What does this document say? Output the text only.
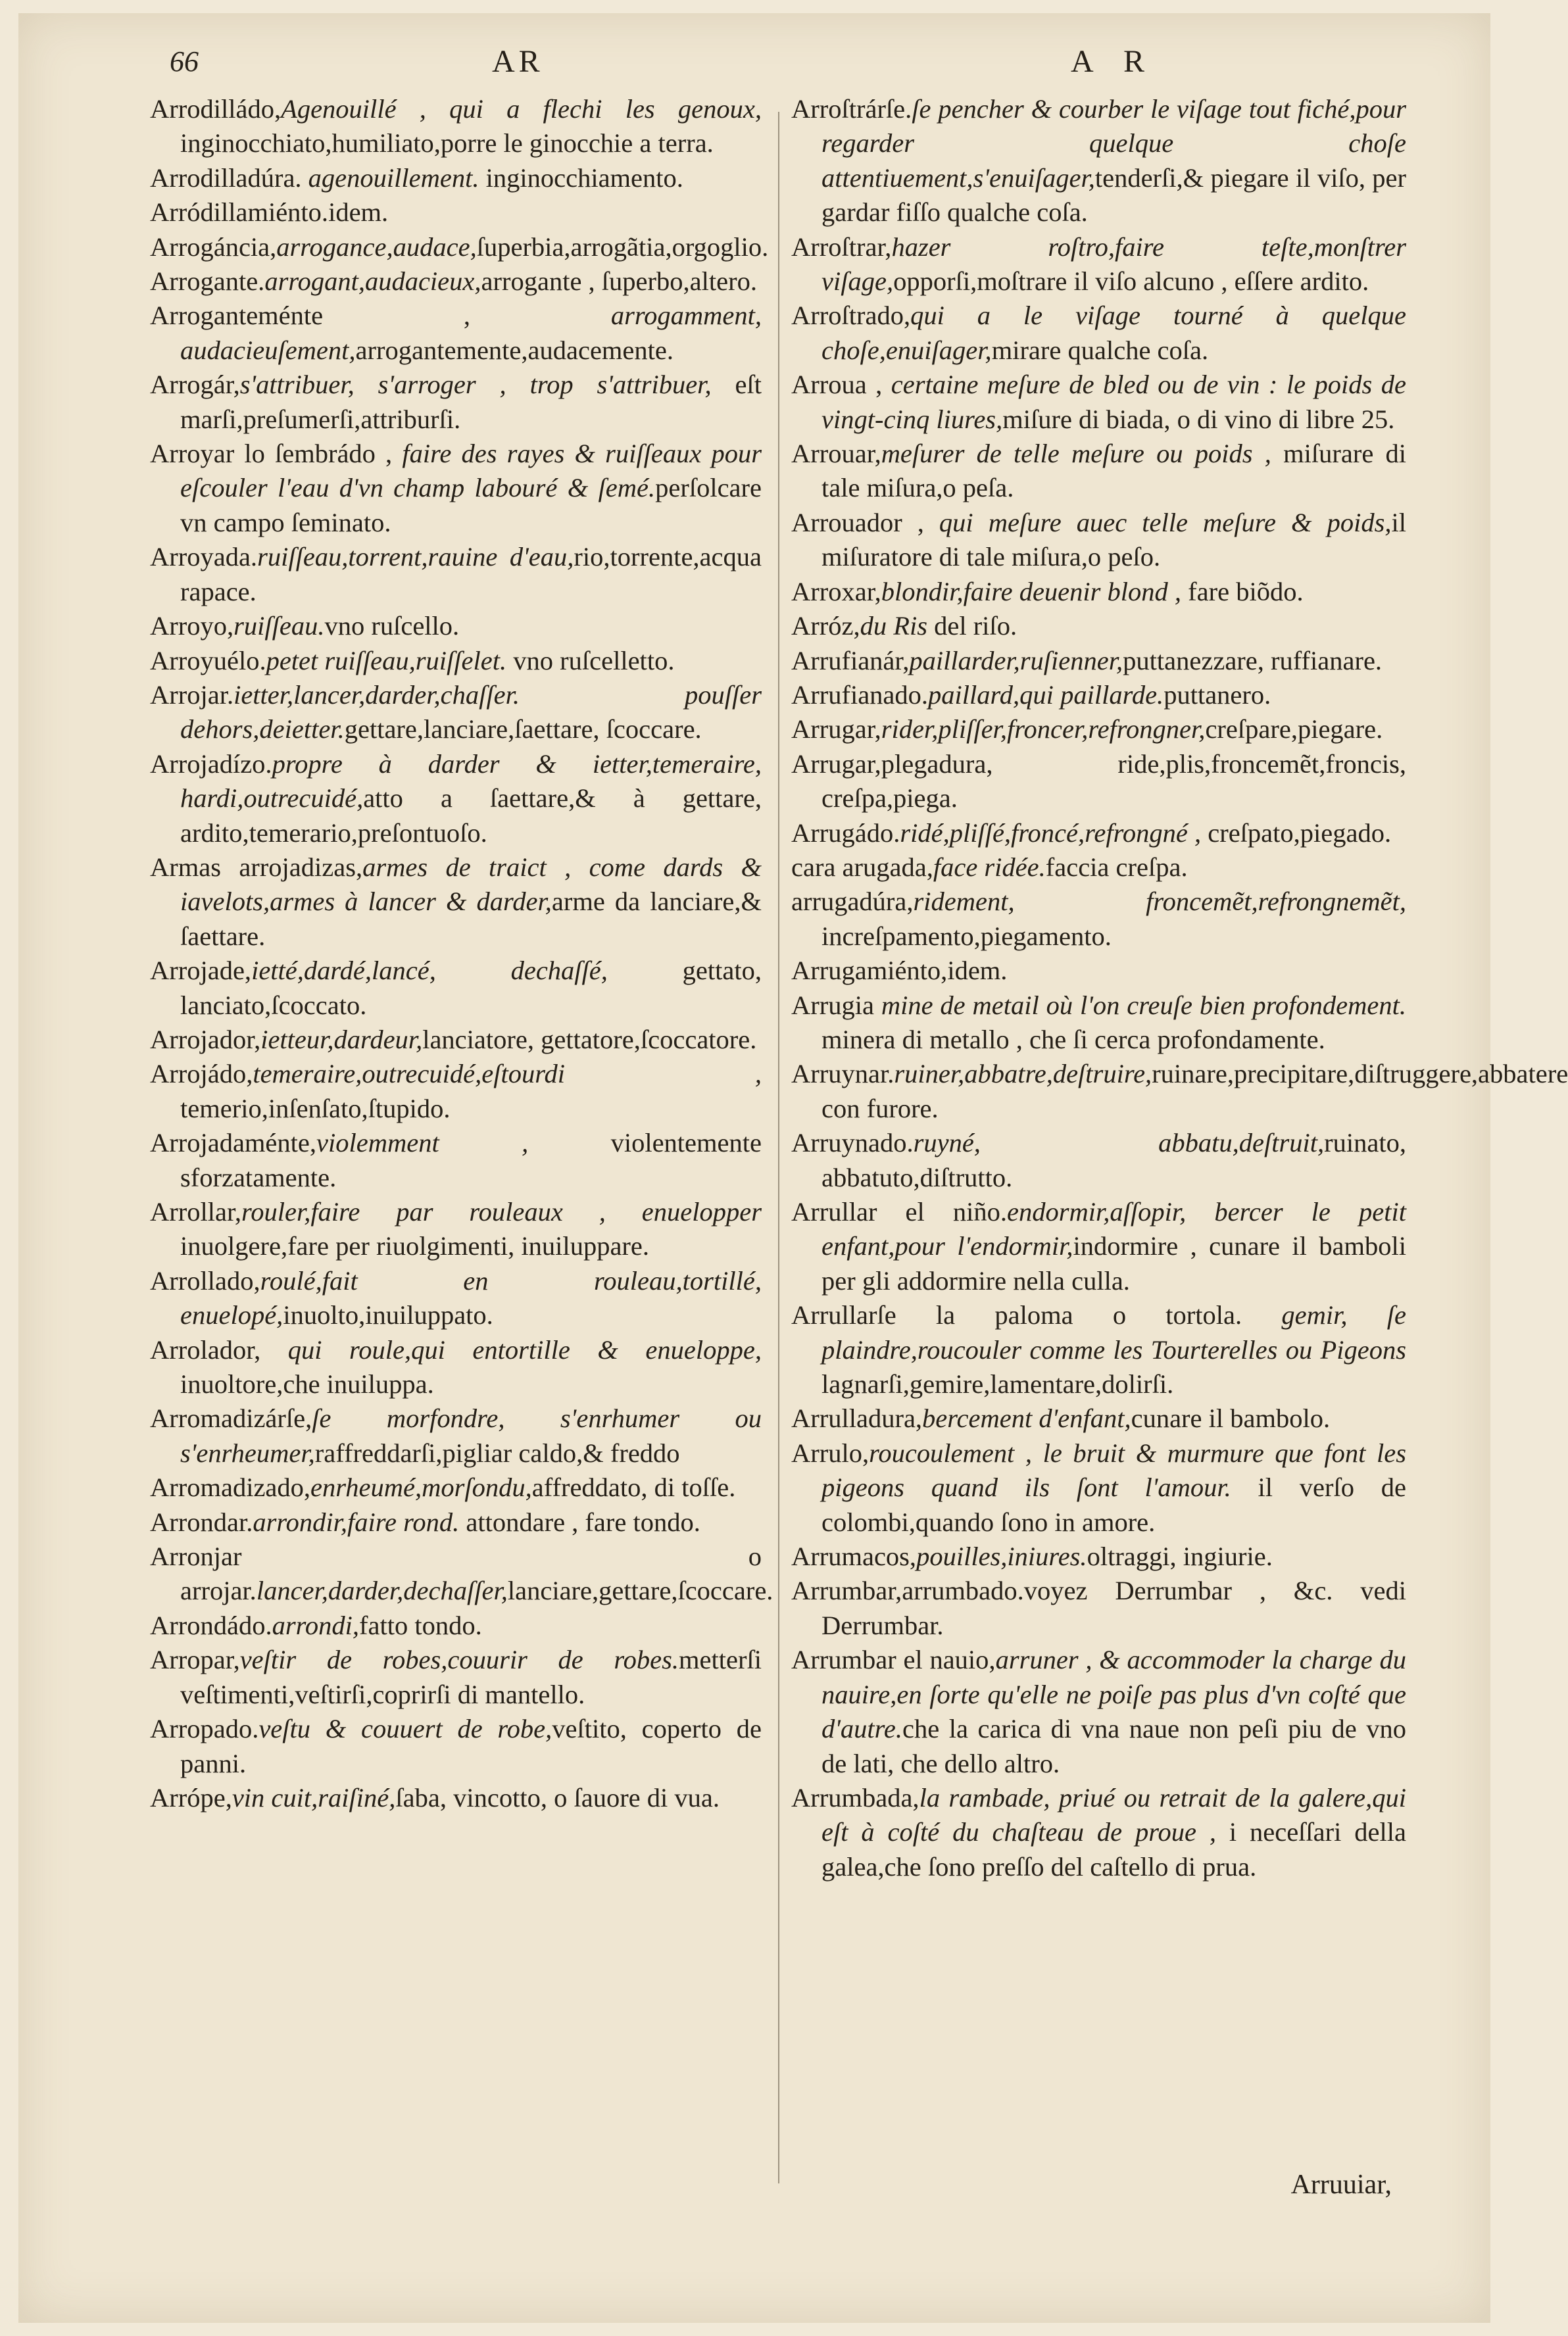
66	AR	A R

Arrodilládo,Agenouillé , qui a flechi les genoux, inginocchiato,humiliato,porre le ginocchie a terra.

Arrodilladúra. agenouillement. inginocchiamento.

Arródillamiénto.idem.

Arrogáncia,arrogance,audace,ſuperbia,arrogãtia,orgoglio.

Arrogante.arrogant,audacieux,arrogante , ſuperbo,altero.

Arroganteménte , arrogamment, audacieuſement,arrogantemente,audacemente.

Arrogár,s'attribuer, s'arroger , trop s'attribuer, eſt marſi,preſumerſi,attriburſi.

Arroyar lo ſembrádo , faire des rayes & ruiſſeaux pour eſcouler l'eau d'vn champ labouré & ſemé.perſolcare vn campo ſeminato.

Arroyada.ruiſſeau,torrent,rauine d'eau,rio,torrente,acqua rapace.

Arroyo,ruiſſeau.vno ruſcello.

Arroyuélo.petet ruiſſeau,ruiſſelet. vno ruſcelletto.

Arrojar.ietter,lancer,darder,chaſſer. pouſſer dehors,deietter.gettare,lanciare,ſaettare, ſcoccare.

Arrojadízo.propre à darder & ietter,temeraire, hardi,outrecuidé,atto a ſaettare,& à gettare, ardito,temerario,preſontuoſo.

Armas arrojadizas,armes de traict , come dards & iavelots,armes à lancer & darder,arme da lanciare,& ſaettare.

Arrojade,ietté,dardé,lancé, dechaſſé, gettato, lanciato,ſcoccato.

Arrojador,ietteur,dardeur,lanciatore, gettatore,ſcoccatore.

Arrojádo,temeraire,outrecuidé,eſtourdi , temerio,inſenſato,ſtupido.

Arrojadaménte,violemment , violentemente sforzatamente.

Arrollar,rouler,faire par rouleaux , enuelopper inuolgere,fare per riuolgimenti, inuiluppare.

Arrollado,roulé,fait en rouleau,tortillé, enuelopé,inuolto,inuiluppato.

Arrolador, qui roule,qui entortille & enueloppe, inuoltore,che inuiluppa.

Arromadizárſe,ſe morfondre, s'enrhumer ou s'enrheumer,raffreddarſi,pigliar caldo,& freddo

Arromadizado,enrheumé,morſondu,affreddato, di toſſe.

Arrondar.arrondir,faire rond. attondare , fare tondo.

Arronjar o arrojar.lancer,darder,dechaſſer,lanciare,gettare,ſcoccare.

Arrondádo.arrondi,fatto tondo.

Arropar,veſtir de robes,couurir de robes.metterſi veſtimenti,veſtirſi,coprirſi di mantello.

Arropado.veſtu & couuert de robe,veſtito, coperto de panni.

Arrópe,vin cuit,raiſiné,ſaba, vincotto, o ſauore di vua.

Arroſtrárſe.ſe pencher & courber le viſage tout fiché,pour regarder quelque choſe attentiuement,s'enuiſager,tenderſi,& piegare il viſo, per gardar fiſſo qualche coſa.

Arroſtrar,hazer roſtro,faire teſte,monſtrer viſage,opporſi,moſtrare il viſo alcuno , eſſere ardito.

Arroſtrado,qui a le viſage tourné à quelque choſe,enuiſager,mirare qualche coſa.

Arroua , certaine meſure de bled ou de vin : le poids de vingt-cinq liures,miſure di biada, o di vino di libre 25.

Arrouar,meſurer de telle meſure ou poids , miſurare di tale miſura,o peſa.

Arrouador , qui meſure auec telle meſure & poids,il miſuratore di tale miſura,o peſo.

Arroxar,blondir,faire deuenir blond , fare biõdo.

Arróz,du Ris del riſo.

Arrufianár,paillarder,ruſienner,puttanezzare, ruffianare.

Arrufianado.paillard,qui paillarde.puttanero.

Arrugar,rider,pliſſer,froncer,refrongner,creſpare,piegare.

Arrugar,plegadura, ride,plis,froncemẽt,froncis, creſpa,piega.

Arrugádo.ridé,pliſſé,froncé,refrongné , creſpato,piegado.

cara arugada,face ridée.faccia creſpa.

arrugadúra,ridement, froncemẽt,refrongnemẽt, increſpamento,piegamento.

Arrugamiénto,idem.

Arrugia mine de metail où l'on creuſe bien profondement. minera di metallo , che ſi cerca profondamente.

Arruynar.ruiner,abbatre,deſtruire,ruinare,precipitare,diſtruggere,abbatere con furore.

Arruynado.ruyné, abbatu,deſtruit,ruinato, abbatuto,diſtrutto.

Arrullar el niño.endormir,aſſopir, bercer le petit enfant,pour l'endormir,indormire , cunare il bamboli per gli addormire nella culla.

Arrullarſe la paloma o tortola. gemir, ſe plaindre,roucouler comme les Tourterelles ou Pigeons lagnarſi,gemire,lamentare,dolirſi.

Arrulladura,bercement d'enfant,cunare il bambolo.

Arrulo,roucoulement , le bruit & murmure que font les pigeons quand ils ſont l'amour. il verſo de colombi,quando ſono in amore.

Arrumacos,pouilles,iniures.oltraggi, ingiurie.

Arrumbar,arrumbado.voyez Derrumbar , &c. vedi Derrumbar.

Arrumbar el nauio,arruner , & accommoder la charge du nauire,en ſorte qu'elle ne poiſe pas plus d'vn coſté que d'autre.che la carica di vna naue non peſi piu de vno de lati, che dello altro.

Arrumbada,la rambade, priué ou retrait de la galere,qui eſt à coſté du chaſteau de proue , i neceſſari della galea,che ſono preſſo del caſtello di prua.

Arruuiar,
